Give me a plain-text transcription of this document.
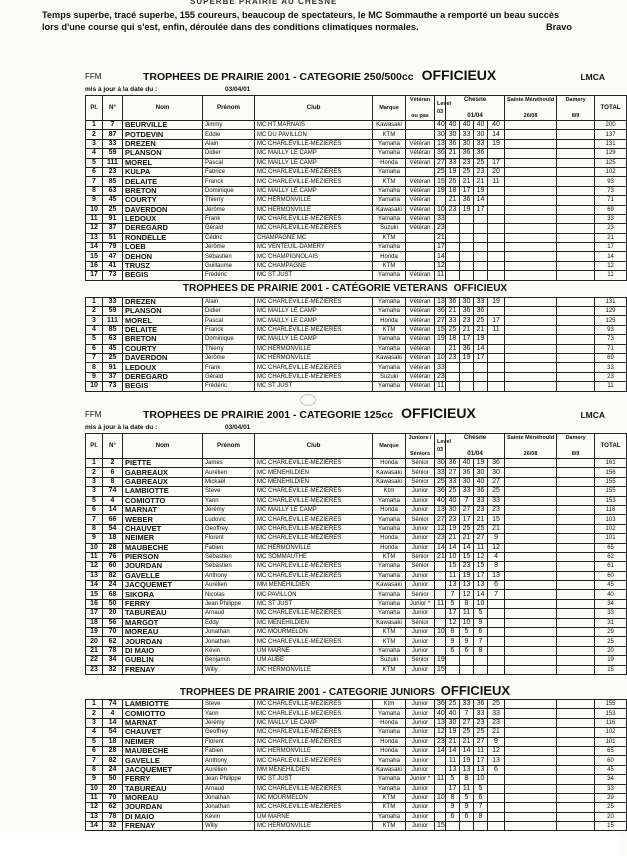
SUPERBE PRAIRIE AU CHESNE
Temps superbe, tracé superbe, 155 coureurs, beaucoup de spectateurs, le MC Sommauthe a remporté un beau succès
lors d'une course qui s'est, enfin, déroulée dans des conditions climatiques normales.	Bravo
FFM	TROPHEES DE PRAIRIE 2001 - CATEGORIE 250/500cc OFFICIEUX	LMCA
mis à jour à la date du :	03/04/01
Pl.	N°	Nom	Prénom	Club	Marque	Vétéran

ou pas	Level
03	Chesne

01/04				Sainte Ménéhould

26/08	Damery

8/9	TOTAL
1	7	BEURVILLE	Jimmy	MC HT MARNAIS	Kawasaki		40	40	40	40	40			200
2	87	POTDEVIN	Eddie	MC DU PAVILLON	KTM		30	30	33	30	14			137
3	33	DREZEN	Alain	MC CHARLEVILLE-MEZIERES	Yamaha	Vétéran	13	36	30	33	19			131
4	59	PLANSON	Didier	MC MAILLY LE CAMP	Yamaha	Vétéran	36	21	36	36				129
5	111	MOREL	Pascal	MC MAILLY LE CAMP	Honda	Vétéran	27	33	23	25	17			125
6	23	KULPA	Fabrice	MC CHARLEVILLE-MEZIERES	Yamaha		25	19	25	23	20			102
7	85	DELAITE	Franck	MC CHARLEVILLE-MEZIERES	KTM	Vétéran	15	25	21	21	11			93
8	63	BRETON	Dominique	MC MAILLY LE CAMP	Yamaha	Vétéran	19	18	17	19				73
9	45	COURTY	Thierry	MC HERMONVILLE	Yamaha	Vétéran		21	36	14				71
10	25	DAVERDON	Jérôme	MC HERMONVILLE	Kawasaki	Vétéran	10	23	19	17				69
11	91	LEDOUX	Frank	MC CHARLEVILLE-MEZIERES	Yamaha	Vétéran	33							33
12	37	DEREGARD	Gérald	MC CHARLEVILLE-MEZIERES	Suzuki	Vétéran	23							23
13	51	RONDELLE	Cédric	CHAMPAGNE MC	KTM		21							21
14	79	LOEB	Jérôme	MC VENTEUIL-DAMERY	Yamaha		17							17
15	47	DEHON	Sébastien	MC CHAMPIGNOLAIS	Honda		14							14
16	41	TRUSZ	Guillaume	MC CHAMPAGNE	KTM		12							12
17	73	BEGIS	Frédéric	MC ST JUST	Yamaha	Vétéran	11							11
TROPHEES DE PRAIRIE 2001 - CATÉGORIE VETERANS OFFICIEUX
1	33	DREZEN	Alain	MC CHARLEVILLE-MEZIERES	Yamaha	Vétéran	13	36	30	33	19			131
2	59	PLANSON	Didier	MC MAILLY LE CAMP	Yamaha	Vétéran	36	21	36	36				129
3	111	MOREL	Pascal	MC MAILLY LE CAMP	Honda	Vétéran	27	33	23	25	17			125
4	85	DELAITE	Franck	MC CHARLEVILLE-MEZIERES	KTM	Vétéran	15	25	21	21	11			93
5	63	BRETON	Dominique	MC MAILLY LE CAMP	Yamaha	Vétéran	19	18	17	19				73
6	45	COURTY	Thierry	MC HERMONVILLE	Yamaha	Vétéran		21	36	14				71
7	25	DAVERDON	Jérôme	MC HERMONVILLE	Kawasaki	Vétéran	10	23	19	17				69
8	91	LEDOUX	Frank	MC CHARLEVILLE-MEZIERES	Yamaha	Vétéran	33							33
9	37	DEREGARD	Gérald	MC CHARLEVILLE-MEZIERES	Suzuki	Vétéran	23							23
10	73	BEGIS	Frédéric	MC ST JUST	Yamaha	Vétéran	11							11
FFM	TROPHEES DE PRAIRIE 2001 - CATEGORIE 125cc OFFICIEUX	LMCA
mis à jour à la date du :	03/04/01
Pl.	N°	Nom	Prénom	Club	Marque	Juniors /

Séniors	Level
03	Chesne

01/04				Sainte Ménéhould

26/08	Damery

8/9	TOTAL
1	2	PIETTE	James	MC CHARLEVILLE-MEZIERES	Honda	Sénior	30	36	40	19	36			161
2	6	GABREAUX	Aurélien	MC MENEHILDIEN	Kawasaki	Sénior	33	27	36	30	30			156
3	8	GABREAUX	Mickaël	MC MENEHILDIEN	Kawasaki	Sénior	25	33	30	40	27			155
3	74	LAMBIOTTE	Steve	MC CHARLEVILLE-MEZIERES	Ktm	Junior	36	25	33	36	25			155
5	4	COMIOTTO	Yann	MC CHARLEVILLE-MEZIERES	Yamaha	Junior	40	40	7	33	33			153
6	14	MARNAT	Jérémy	MC MAILLY LE CAMP	Honda	Junior	13	30	27	23	23			116
7	66	WEBER	Ludovic	MC CHARLEVILLE-MEZIERES	Yamaha	Sénior	27	23	17	21	15			103
8	54	CHAUVET	Geoffrey	MC CHARLEVILLE-MEZIERES	Yamaha	Junior	12	19	25	25	21			102
9	18	NEIMER	Florent	MC CHARLEVILLE-MEZIERES	Honda	Junior	23	21	21	27	9			101
10	28	MAUBECHE	Fabien	MC HERMONVILLE	Honda	Junior	14	14	14	11	12			65
11	76	PIERSON	Sébastien	MC SOMMAUTHE	KTM	Sénior	21	10	15	12	4			62
12	60	JOURDAN	Sébastien	MC CHARLEVILLE-MEZIERES	Yamaha	Sénior		15	23	15	8			61
13	82	GAVELLE	Anthony	MC CHARLEVILLE-MEZIERES	Yamaha	Junior		11	19	17	13			60
14	24	JACQUEMET	Aurélien	MM MENEHILDIEN	Kawasaki	Junior		13	13	13	6			45
15	68	SIKORA	Nicolas	MC PAVILLON	Yamaha	Sénior		7	12	14	7			40
16	50	FERRY	Jean Philippe	MC ST JUST	Yamaha	Junior *	11	5	8	10				34
17	20	TABUREAU	Arnaud	MC CHARLEVILLE-MEZIERES	Yamaha	Junior		17	11	5				33
18	56	MARGOT	Eddy	MC MENEHILDIEN	Kawasaki	Sénior		12	10	9				31
19	70	MOREAU	Jonathan	MC MOURMELON	KTM	Junior	10	8	5	6				29
20	62	JOURDAN	Jonathan	MC CHARLEVILLE-MEZIERES	KTM	Junior		9	9	7				25
21	78	DI MAIO	Kévin	UM MARNE	Yamaha	Junior		6	6	8				20
22	34	GUBLIN	Benjamin	UM AUBE	Suzuki	Sénior	19							19
23	32	FRENAY	Willy	MC HERMONVILLE	KTM	Junior	15							15
TROPHEES DE PRAIRIE 2001 - CATEGORIE JUNIORS OFFICIEUX
1	74	LAMBIOTTE	Steve	MC CHARLEVILLE-MEZIERES	Ktm	Junior	36	25	33	36	25			155
2	4	COMIOTTO	Yann	MC CHARLEVILLE-MEZIERES	Yamaha	Junior	40	40	7	33	33			153
3	14	MARNAT	Jérémy	MC MAILLY LE CAMP	Honda	Junior	13	30	27	23	23			116
4	54	CHAUVET	Geoffrey	MC CHARLEVILLE-MEZIERES	Yamaha	Junior	12	19	25	25	21			102
5	18	NEIMER	Florent	MC CHARLEVILLE-MEZIERES	Honda	Junior	23	21	21	27	9			101
6	28	MAUBECHE	Fabien	MC HERMONVILLE	Honda	Junior	14	14	14	11	12			65
7	82	GAVELLE	Anthony	MC CHARLEVILLE-MEZIERES	Yamaha	Junior		11	19	17	13			60
8	24	JACQUEMET	Aurélien	MM MENEHILDIEN	Kawasaki	Junior		13	13	13	6			45
9	50	FERRY	Jean Philippe	MC ST JUST	Yamaha	Junior *	11	5	8	10				34
10	20	TABUREAU	Arnaud	MC CHARLEVILLE-MEZIERES	Yamaha	Junior		17	11	5				33
11	70	MOREAU	Jonathan	MC MOURMELON	KTM	Junior	10	8	5	6				29
12	62	JOURDAN	Jonathan	MC CHARLEVILLE-MEZIERES	KTM	Junior		9	9	7				25
13	78	DI MAIO	Kévin	UM MARNE	Yamaha	Junior		6	6	8				20
14	32	FRENAY	Willy	MC HERMONVILLE	KTM	Junior	15							15
